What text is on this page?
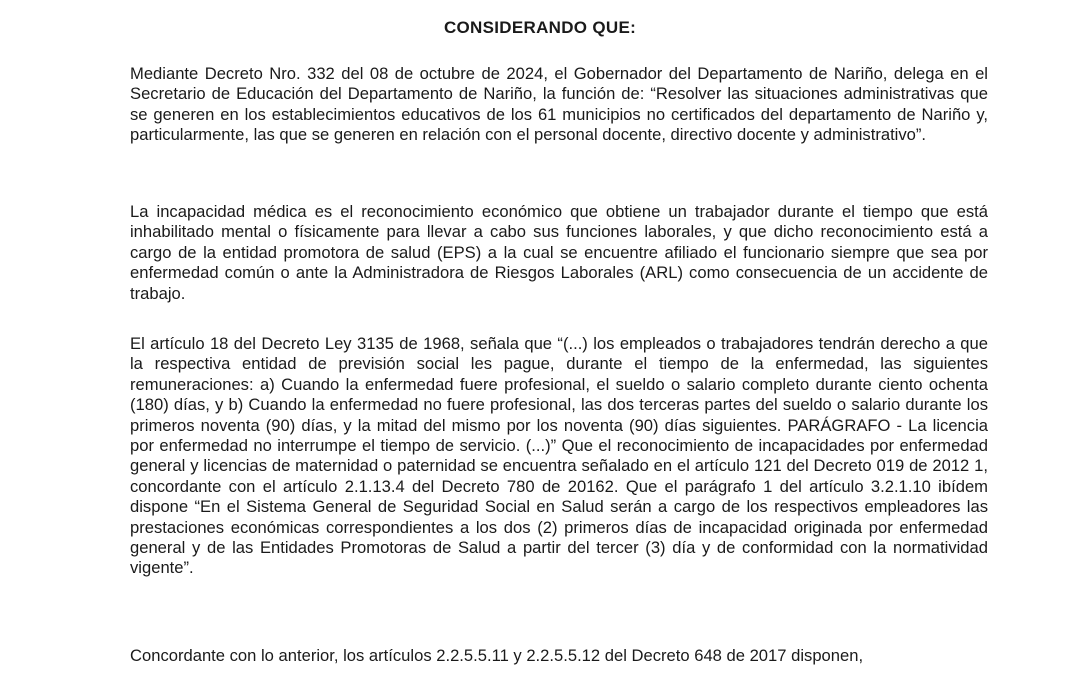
CONSIDERANDO QUE:

Mediante Decreto Nro. 332 del 08 de octubre de 2024, el Gobernador del Departamento de Nariño, delega en el Secretario de Educación del Departamento de Nariño, la función de: “Resolver las situaciones administrativas que se generen en los establecimientos educativos de los 61 municipios no certificados del departamento de Nariño y, particularmente, las que se generen en relación con el personal docente, directivo docente y administrativo”.

La incapacidad médica es el reconocimiento económico que obtiene un trabajador durante el tiempo que está inhabilitado mental o físicamente para llevar a cabo sus funciones laborales, y que dicho reconocimiento está a cargo de la entidad promotora de salud (EPS) a la cual se encuentre afiliado el funcionario siempre que sea por enfermedad común o ante la Administradora de Riesgos Laborales (ARL) como consecuencia de un accidente de trabajo.

El artículo 18 del Decreto Ley 3135 de 1968, señala que “(...) los empleados o trabajadores tendrán derecho a que la respectiva entidad de previsión social les pague, durante el tiempo de la enfermedad, las siguientes remuneraciones: a) Cuando la enfermedad fuere profesional, el sueldo o salario completo durante ciento ochenta (180) días, y b) Cuando la enfermedad no fuere profesional, las dos terceras partes del sueldo o salario durante los primeros noventa (90) días, y la mitad del mismo por los noventa (90) días siguientes. PARÁGRAFO - La licencia por enfermedad no interrumpe el tiempo de servicio. (...)” Que el reconocimiento de incapacidades por enfermedad general y licencias de maternidad o paternidad se encuentra señalado en el artículo 121 del Decreto 019 de 2012 1, concordante con el artículo 2.1.13.4 del Decreto 780 de 20162. Que el parágrafo 1 del artículo 3.2.1.10 ibídem dispone “En el Sistema General de Seguridad Social en Salud serán a cargo de los respectivos empleadores las prestaciones económicas correspondientes a los dos (2) primeros días de incapacidad originada por enfermedad general y de las Entidades Promotoras de Salud a partir del tercer (3) día y de conformidad con la normatividad vigente”.

Concordante con lo anterior, los artículos 2.2.5.5.11 y 2.2.5.5.12 del Decreto 648 de 2017 disponen,
